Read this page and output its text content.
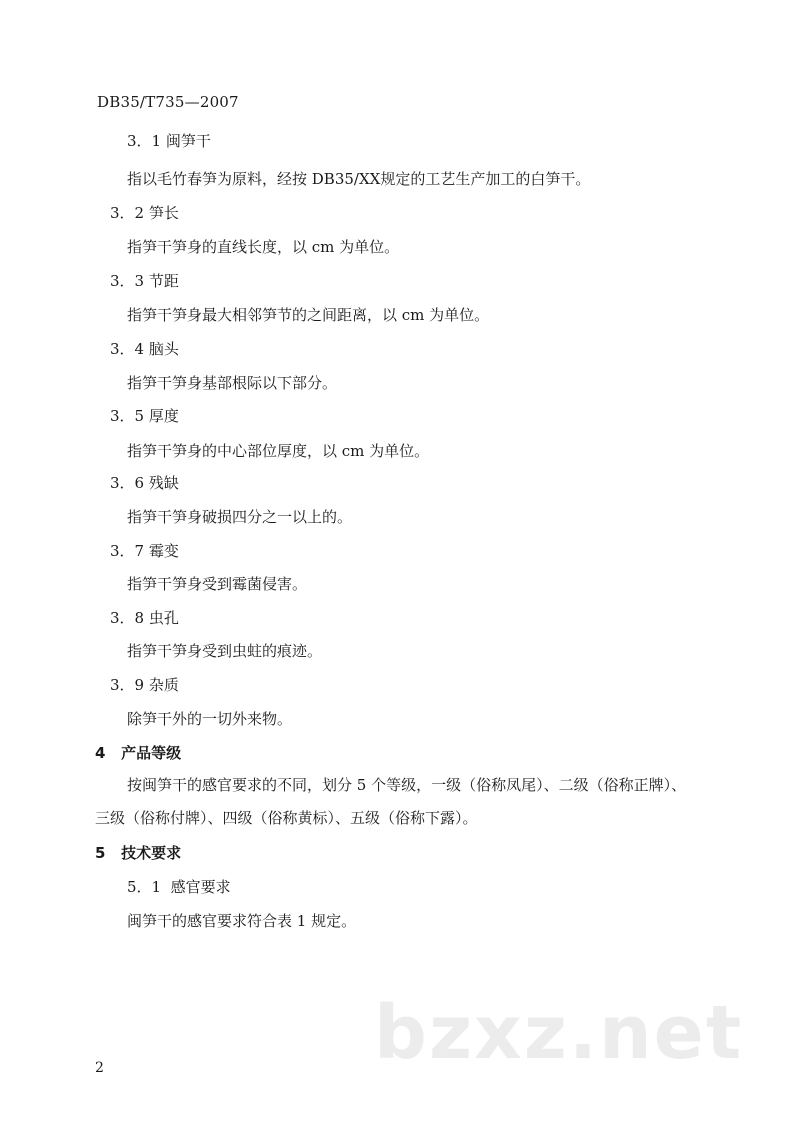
DB35/T735—2007
3．1 闽笋干
指以毛竹春笋为原料，经按 DB35/ⅩⅩ规定的工艺生产加工的白笋干。
3．2 笋长
指笋干笋身的直线长度，以 cm 为单位。
3．3 节距
指笋干笋身最大相邻笋节的之间距离，以 cm 为单位。
3．4 脑头
指笋干笋身基部根际以下部分。
3．5 厚度
指笋干笋身的中心部位厚度，以 cm 为单位。
3．6 残缺
指笋干笋身破损四分之一以上的。
3．7 霉变
指笋干笋身受到霉菌侵害。
3．8 虫孔
指笋干笋身受到虫蛀的痕迹。
3．9 杂质
除笋干外的一切外来物。
4 产品等级
按闽笋干的感官要求的不同，划分 5 个等级，一级（俗称凤尾）、二级（俗称正牌）、
三级（俗称付牌）、四级（俗称黄标）、五级（俗称下露）。
5 技术要求
5．1 感官要求
闽笋干的感官要求符合表 1 规定。
bzxz.net
2
